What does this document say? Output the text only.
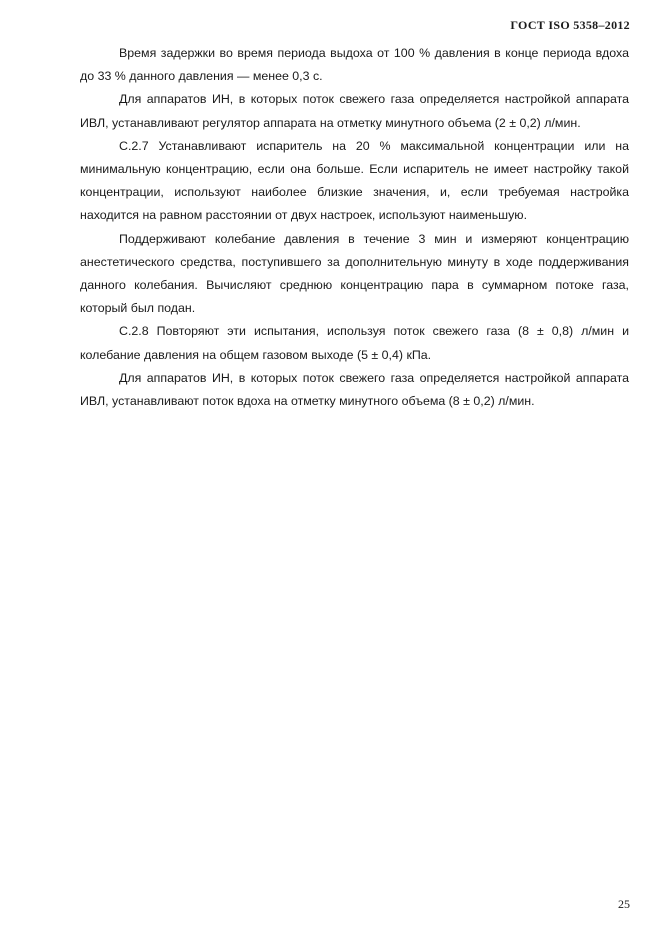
ГОСТ ISO 5358–2012

Время задержки во время периода выдоха от 100 % давления в конце периода вдоха до 33 % данного давления — менее 0,3 с.

Для аппаратов ИН, в которых поток свежего газа определяется настройкой аппарата ИВЛ, устанавливают регулятор аппарата на отметку минутного объема (2 ± 0,2) л/мин.

С.2.7 Устанавливают испаритель на 20 % максимальной концентрации или на минимальную концентрацию, если она больше. Если испаритель не имеет настройку такой концентрации, используют наиболее близкие значения, и, если требуемая настройка находится на равном расстоянии от двух настроек, используют наименьшую.

Поддерживают колебание давления в течение 3 мин и измеряют концентрацию анестетического средства, поступившего за дополнительную минуту в ходе поддерживания данного колебания. Вычисляют среднюю концентрацию пара в суммарном потоке газа, который был подан.

С.2.8 Повторяют эти испытания, используя поток свежего газа (8 ± 0,8) л/мин и колебание давления на общем газовом выходе (5 ± 0,4) кПа.

Для аппаратов ИН, в которых поток свежего газа определяется настройкой аппарата ИВЛ, устанавливают поток вдоха на отметку минутного объема (8 ± 0,2) л/мин.

25
